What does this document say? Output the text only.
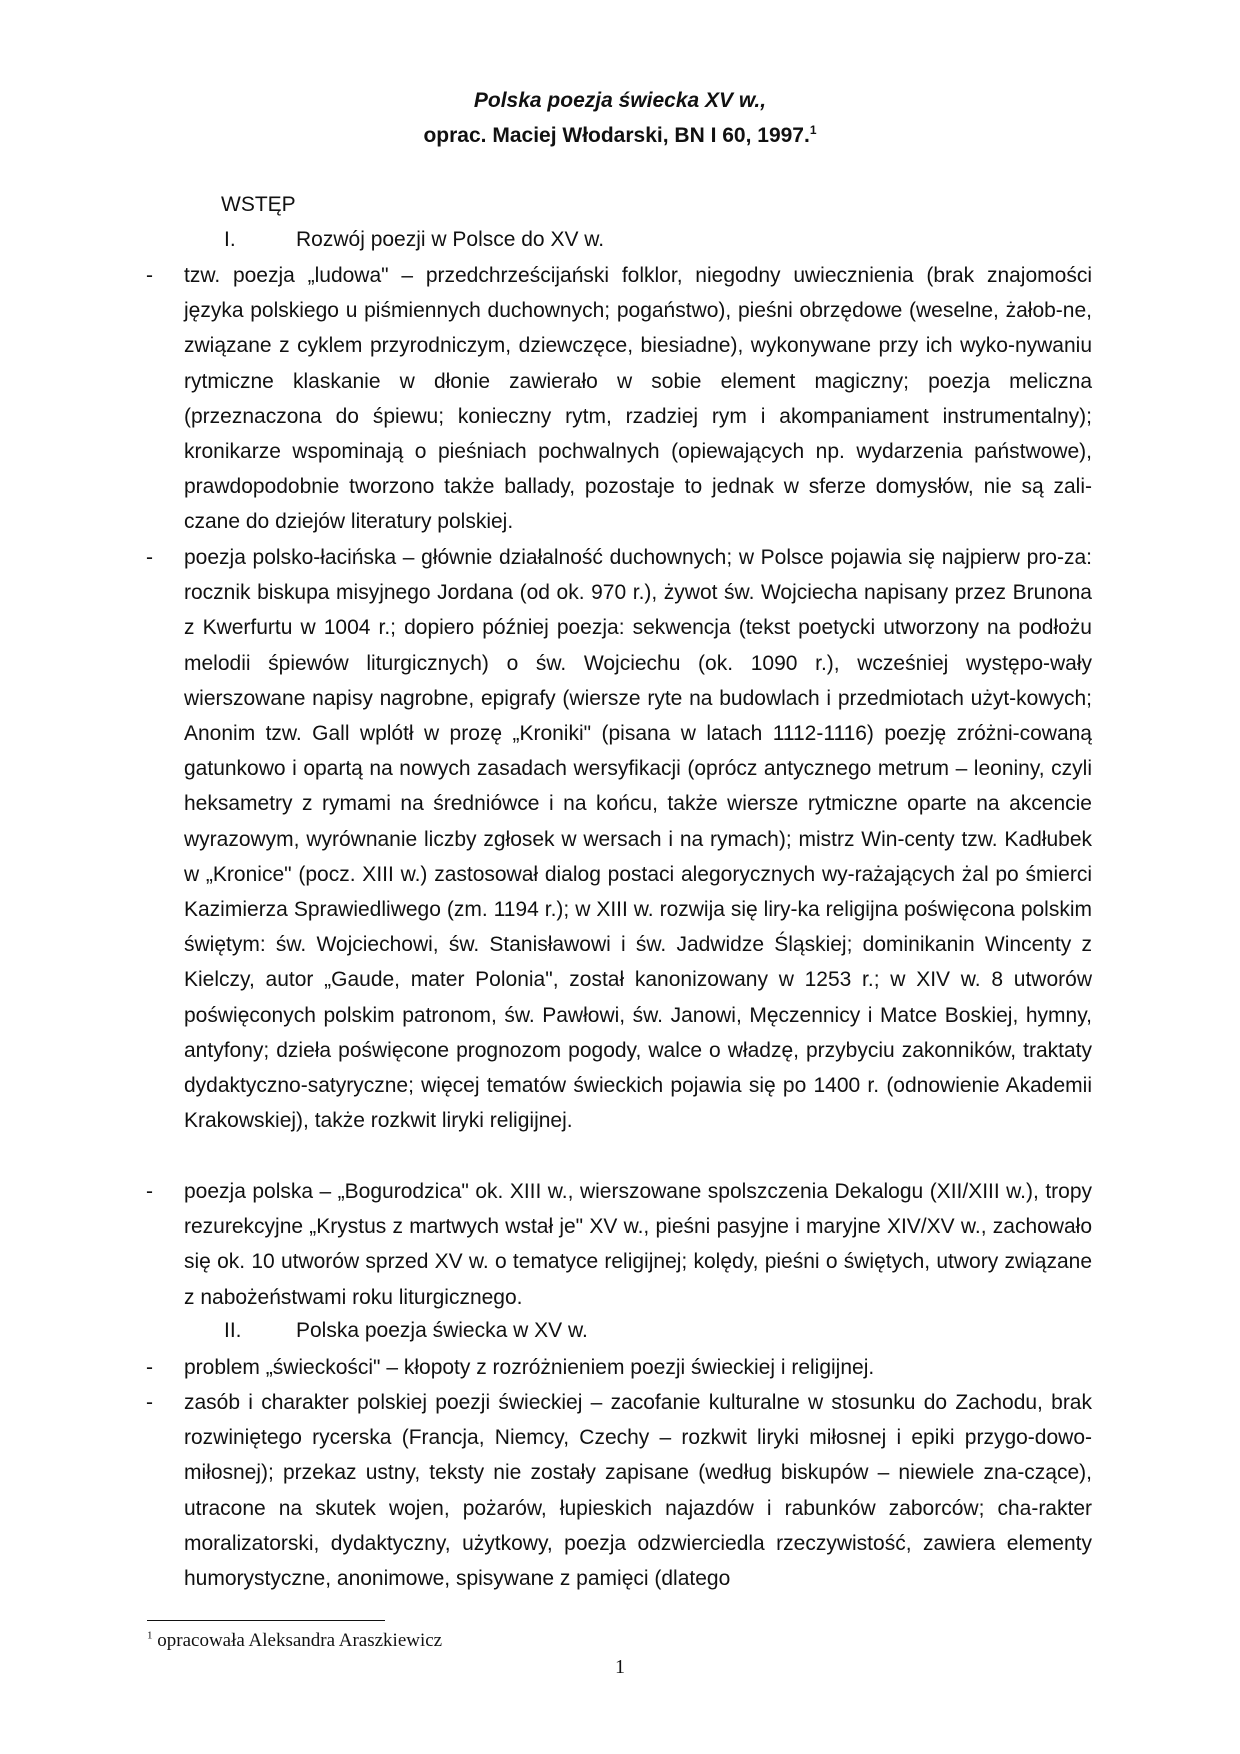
Polska poezja świecka XV w.,
oprac. Maciej Włodarski, BN I 60, 1997.$^1$
WSTĘP
I.	Rozwój poezji w Polsce do XV w.
- tzw. poezja „ludowa" – przedchrześcijański folklor, niegodny uwiecznienia (brak znajomości języka polskiego u piśmiennych duchownych; pogaństwo), pieśni obrzędowe (weselne, żałob-ne, związane z cyklem przyrodniczym, dziewczęce, biesiadne), wykonywane przy ich wyko-nywaniu rytmiczne klaskanie w dłonie zawierało w sobie element magiczny; poezja meliczna (przeznaczona do śpiewu; konieczny rytm, rzadziej rym i akompaniament instrumentalny); kronikarze wspominają o pieśniach pochwalnych (opiewających np. wydarzenia państwowe), prawdopodobnie tworzono także ballady, pozostaje to jednak w sferze domysłów, nie są zali-czane do dziejów literatury polskiej.

- poezja polsko-łacińska – głównie działalność duchownych; w Polsce pojawia się najpierw pro-za: rocznik biskupa misyjnego Jordana (od ok. 970 r.), żywot św. Wojciecha napisany przez Brunona z Kwerfurtu w 1004 r.; dopiero później poezja: sekwencja (tekst poetycki utworzony na podłożu melodii śpiewów liturgicznych) o św. Wojciechu (ok. 1090 r.), wcześniej występo-wały wierszowane napisy nagrobne, epigrafy (wiersze ryte na budowlach i przedmiotach użyt-kowych; Anonim tzw. Gall wplótł w prozę „Kroniki" (pisana w latach 1112-1116) poezję zróżni-cowaną gatunkowo i opartą na nowych zasadach wersyfikacji (oprócz antycznego metrum – leoniny, czyli heksametry z rymami na średniówce i na końcu, także wiersze rytmiczne oparte na akcencie wyrazowym, wyrównanie liczby zgłosek w wersach i na rymach); mistrz Win-centy tzw. Kadłubek w „Kronice" (pocz. XIII w.) zastosował dialog postaci alegorycznych wy-rażających żal po śmierci Kazimierza Sprawiedliwego (zm. 1194 r.); w XIII w. rozwija się liry-ka religijna poświęcona polskim świętym: św. Wojciechowi, św. Stanisławowi i św. Jadwidze Śląskiej; dominikanin Wincenty z Kielczy, autor „Gaude, mater Polonia", został kanonizowany w 1253 r.; w XIV w. 8 utworów poświęconych polskim patronom, św. Pawłowi, św. Janowi, Męczennicy i Matce Boskiej, hymny, antyfony; dzieła poświęcone prognozom pogody, walce o władzę, przybyciu zakonników, traktaty dydaktyczno-satyryczne; więcej tematów świeckich pojawia się po 1400 r. (odnowienie Akademii Krakowskiej), także rozkwit liryki religijnej.

- poezja polska – „Bogurodzica" ok. XIII w., wierszowane spolszczenia Dekalogu (XII/XIII w.), tropy rezurekcyjne „Krystus z martwych wstał je" XV w., pieśni pasyjne i maryjne XIV/XV w., zachowało się ok. 10 utworów sprzed XV w. o tematyce religijnej; kolędy, pieśni o świętych, utwory związane z nabożeństwami roku liturgicznego.

II.	Polska poezja świecka w XV w.
- problem „świeckości" – kłopoty z rozróżnieniem poezji świeckiej i religijnej.

- zasób i charakter polskiej poezji świeckiej – zacofanie kulturalne w stosunku do Zachodu, brak rozwiniętego rycerska (Francja, Niemcy, Czechy – rozkwit liryki miłosnej i epiki przygo-dowo-miłosnej); przekaz ustny, teksty nie zostały zapisane (według biskupów – niewiele zna-czące), utracone na skutek wojen, pożarów, łupieskich najazdów i rabunków zaborców; cha-rakter moralizatorski, dydaktyczny, użytkowy, poezja odzwierciedla rzeczywistość, zawiera elementy humorystyczne, anonimowe, spisywane z pamięci (dlatego

$^1$ opracowała Aleksandra Araszkiewicz
1
